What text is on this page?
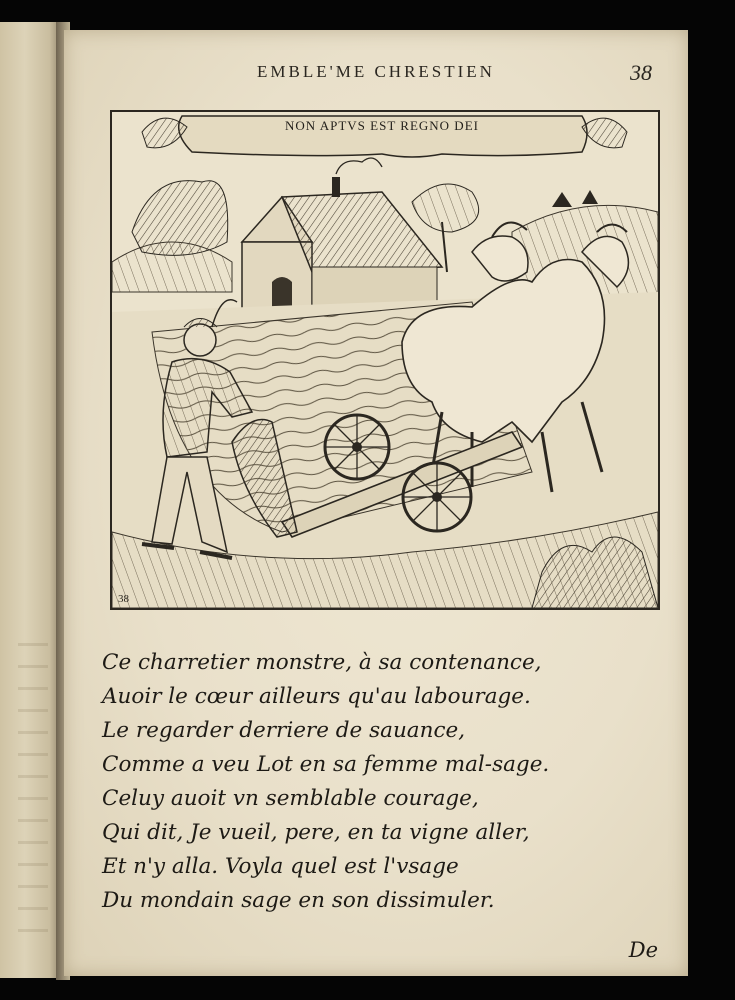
EMBLE'ME CHRESTIEN	38
NON APTVS EST REGNO DEI
38
Ce charretier monstre, à sa contenance,
Auoir le cœur ailleurs qu'au labourage.
Le regarder derriere de sauance,
Comme a veu Lot en sa femme mal-sage.
Celuy auoit vn semblable courage,
Qui dit, Je vueil, pere, en ta vigne aller,
Et n'y alla. Voyla quel est l'vsage
Du mondain sage en son dissimuler.
De
